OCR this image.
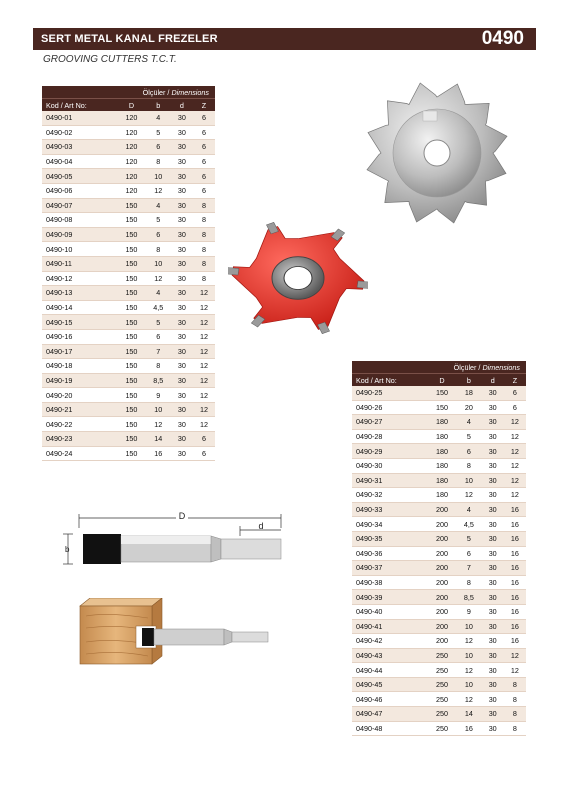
SERT METAL KANAL FREZELER	0490
GROOVING CUTTERS T.C.T.
Ölçüler / Dimensions				
Kod / Art No:	D	b	d	Z
0490-01	120	4	30	6
0490-02	120	5	30	6
0490-03	120	6	30	6
0490-04	120	8	30	6
0490-05	120	10	30	6
0490-06	120	12	30	6
0490-07	150	4	30	8
0490-08	150	5	30	8
0490-09	150	6	30	8
0490-10	150	8	30	8
0490-11	150	10	30	8
0490-12	150	12	30	8
0490-13	150	4	30	12
0490-14	150	4,5	30	12
0490-15	150	5	30	12
0490-16	150	6	30	12
0490-17	150	7	30	12
0490-18	150	8	30	12
0490-19	150	8,5	30	12
0490-20	150	9	30	12
0490-21	150	10	30	12
0490-22	150	12	30	12
0490-23	150	14	30	6
0490-24	150	16	30	6
Ölçüler / Dimensions				
Kod / Art No:	D	b	d	Z
0490-25	150	18	30	6
0490-26	150	20	30	6
0490-27	180	4	30	12
0490-28	180	5	30	12
0490-29	180	6	30	12
0490-30	180	8	30	12
0490-31	180	10	30	12
0490-32	180	12	30	12
0490-33	200	4	30	16
0490-34	200	4,5	30	16
0490-35	200	5	30	16
0490-36	200	6	30	16
0490-37	200	7	30	16
0490-38	200	8	30	16
0490-39	200	8,5	30	16
0490-40	200	9	30	16
0490-41	200	10	30	16
0490-42	200	12	30	16
0490-43	250	10	30	12
0490-44	250	12	30	12
0490-45	250	10	30	8
0490-46	250	12	30	8
0490-47	250	14	30	8
0490-48	250	16	30	8
D
d
b
